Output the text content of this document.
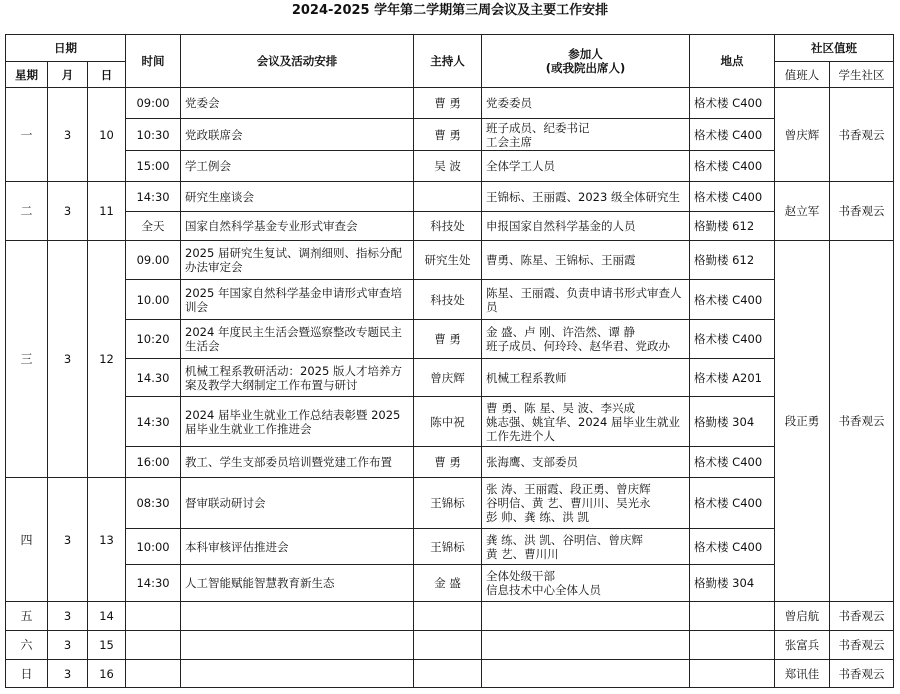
2024-2025 学年第二学期第三周会议及主要工作安排
日期			时间	会议及活动安排	主持人	参加人
(或我院出席人)	地点	社区值班	
星期	月	日						值班人	学生社区
一	3	10	09:00	党委会	曹 勇	党委委员	格术楼 C400	曾庆辉	书香观云
			10:30	党政联席会	曹 勇	班子成员、纪委书记
工会主席	格术楼 C400		
			15:00	学工例会	吴 波	全体学工人员	格术楼 C400		
二	3	11	14:30	研究生座谈会		王锦标、王丽霞、2023 级全体研究生	格术楼 C400	赵立军	书香观云
			全天	国家自然科学基金专业形式审查会	科技处	申报国家自然科学基金的人员	格勤楼 612		
三	3	12	09.00	2025 届研究生复试、调剂细则、指标分配办法审定会	研究生处	曹勇、陈星、王锦标、王丽霞	格勤楼 612	段正勇	书香观云
			10.00	2025 年国家自然科学基金申请形式审查培训会	科技处	陈星、王丽霞、负责申请书形式审查人员	格术楼 C400		
			10:20	2024 年度民主生活会暨巡察整改专题民主生活会	曹 勇	金 盛、卢 刚、许浩然、谭 静
班子成员、何玲玲、赵华君、党政办	格术楼 C400		
			14.30	机械工程系教研活动：2025 版人才培养方案及教学大纲制定工作布置与研讨	曾庆辉	机械工程系教师	格术楼 A201		
			14:30	2024 届毕业生就业工作总结表彰暨 2025 届毕业生就业工作推进会	陈中祝	曹 勇、陈 星、吴 波、李兴成
姚志强、姚宜华、2024 届毕业生就业工作先进个人	格勤楼 304		
			16:00	教工、学生支部委员培训暨党建工作布置	曹 勇	张海鹰、支部委员	格术楼 C400		
四	3	13	08:30	督审联动研讨会	王锦标	张 涛、王丽霞、段正勇、曾庆辉
谷明信、黄 艺、曹川川、吴光永
彭 帅、龚 练、洪 凯	格术楼 C400		
			10:00	本科审核评估推进会	王锦标	龚 练、洪 凯、谷明信、曾庆辉
黄 艺、曹川川	格术楼 C400		
			14:30	人工智能赋能智慧教育新生态	金 盛	全体处级干部
信息技术中心全体人员	格勤楼 304		
五	3	14						曾启航	书香观云
六	3	15						张富兵	书香观云
日	3	16						郑讯佳	书香观云
